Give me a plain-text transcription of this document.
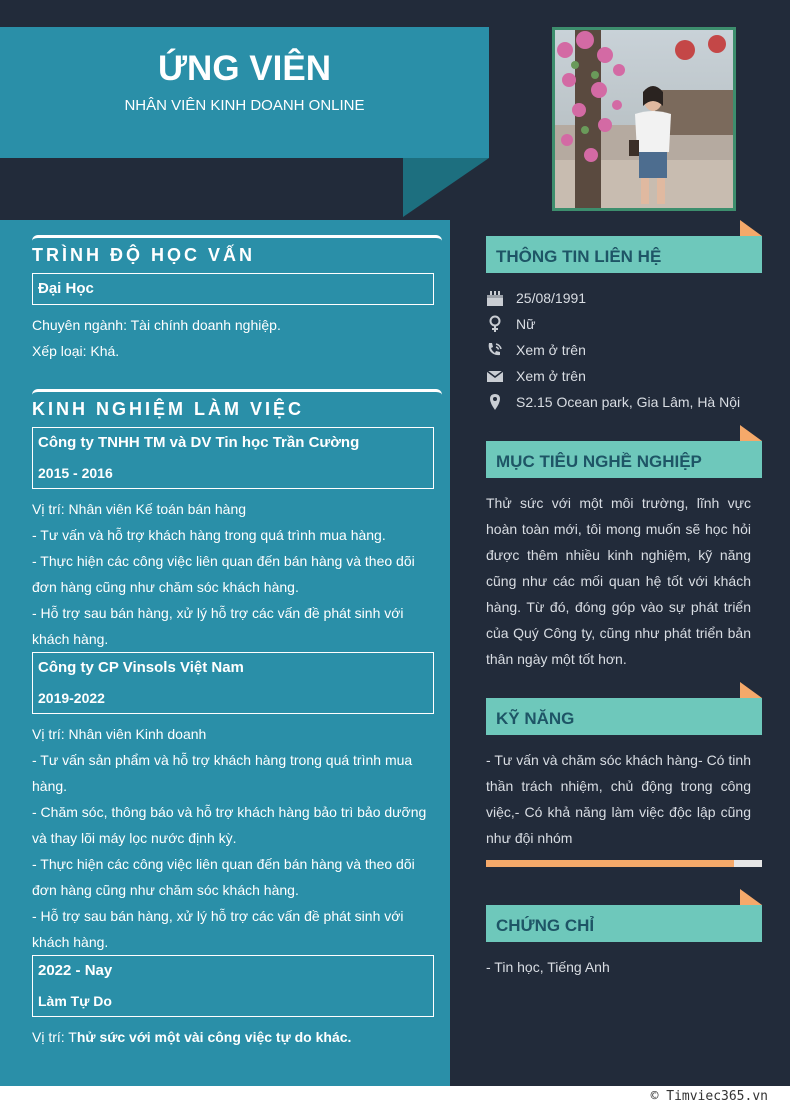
ỨNG VIÊN
NHÂN VIÊN KINH DOANH ONLINE
TRÌNH ĐỘ HỌC VẤN
Đại Học
Chuyên ngành: Tài chính doanh nghiệp.
Xếp loại: Khá.
KINH NGHIỆM LÀM VIỆC
Công ty TNHH TM và DV Tin học Trần Cường
2015 - 2016
Vị trí: Nhân viên Kế toán bán hàng
- Tư vấn và hỗ trợ khách hàng trong quá trình mua hàng.
- Thực hiện các công việc liên quan đến bán hàng và theo dõi đơn hàng cũng như chăm sóc khách hàng.
- Hỗ trợ sau bán hàng, xử lý hỗ trợ các vấn đề phát sinh với khách hàng.
Công ty CP Vinsols Việt Nam
2019-2022
Vị trí: Nhân viên Kinh doanh
- Tư vấn sản phẩm và hỗ trợ khách hàng trong quá trình mua hàng.
- Chăm sóc, thông báo và hỗ trợ khách hàng bảo trì bảo dưỡng và thay lõi máy lọc nước định kỳ.
- Thực hiện các công việc liên quan đến bán hàng và theo dõi đơn hàng cũng như chăm sóc khách hàng.
- Hỗ trợ sau bán hàng, xử lý hỗ trợ các vấn đề phát sinh với khách hàng.
2022 - Nay
Làm Tự Do
Vị trí: Thử sức với một vài công việc tự do khác.
THÔNG TIN LIÊN HỆ
25/08/1991
Nữ
Xem ở trên
Xem ở trên
S2.15 Ocean park, Gia Lâm, Hà Nội
MỤC TIÊU NGHỀ NGHIỆP
Thử sức với một môi trường, lĩnh vực hoàn toàn mới, tôi mong muốn sẽ học hỏi được thêm nhiều kinh nghiệm, kỹ năng cũng như các mối quan hệ tốt với khách hàng. Từ đó, đóng góp vào sự phát triển của Quý Công ty, cũng như phát triển bản thân ngày một tốt hơn.
KỸ NĂNG
- Tư vấn và chăm sóc khách hàng- Có tinh thần trách nhiệm, chủ động trong công việc,- Có khả năng làm việc độc lập cũng như đội nhóm
CHỨNG CHỈ
- Tin học, Tiếng Anh
© Timviec365.vn
